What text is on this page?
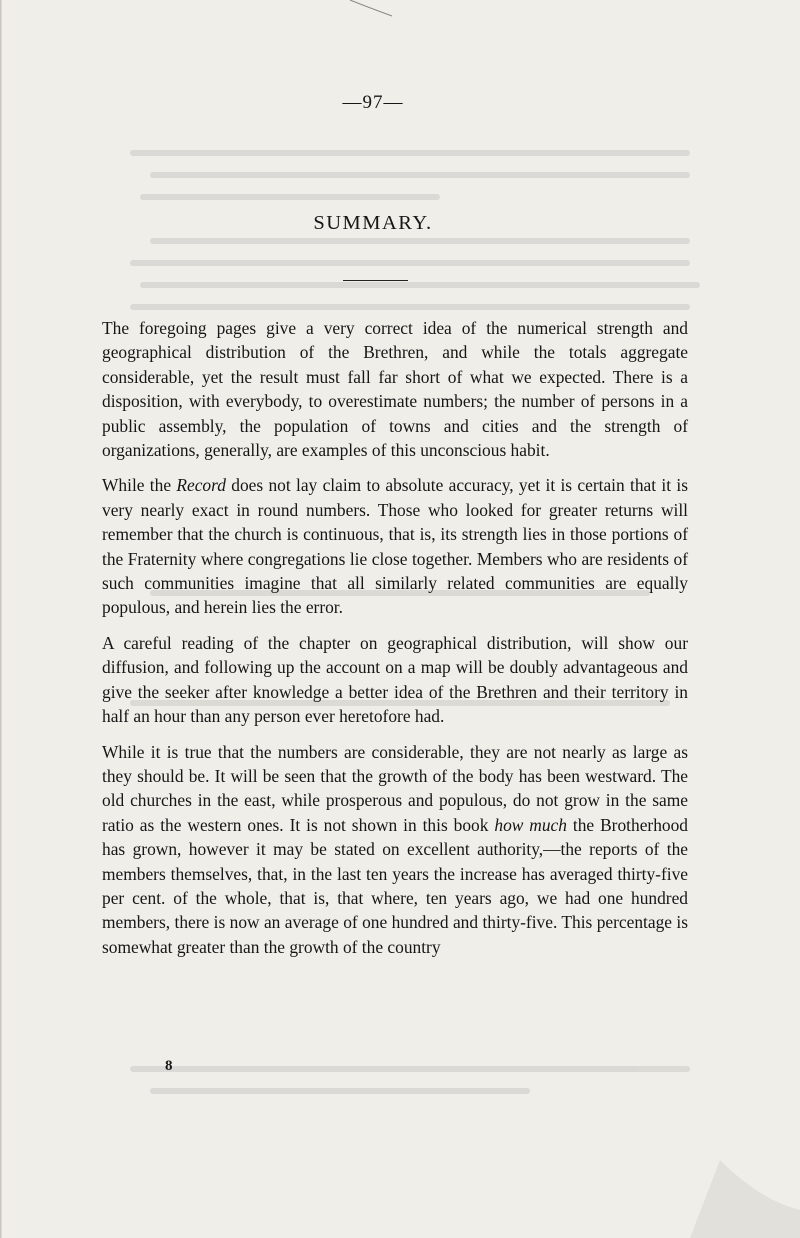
—97—
SUMMARY.

The foregoing pages give a very correct idea of the numerical strength and geographical distribution of the Brethren, and while the totals aggregate considerable, yet the result must fall far short of what we expected. There is a disposition, with everybody, to overestimate numbers; the number of persons in a public assembly, the population of towns and cities and the strength of organizations, generally, are examples of this unconscious habit.

While the Record does not lay claim to absolute accuracy, yet it is certain that it is very nearly exact in round numbers. Those who looked for greater returns will remember that the church is continuous, that is, its strength lies in those portions of the Fraternity where congregations lie close together. Members who are residents of such communities imagine that all similarly related communities are equally populous, and herein lies the error.

A careful reading of the chapter on geographical distribution, will show our diffusion, and following up the account on a map will be doubly advantageous and give the seeker after knowledge a better idea of the Brethren and their territory in half an hour than any person ever heretofore had.

While it is true that the numbers are considerable, they are not nearly as large as they should be. It will be seen that the growth of the body has been westward. The old churches in the east, while prosperous and populous, do not grow in the same ratio as the western ones. It is not shown in this book how much the Brotherhood has grown, however it may be stated on excellent authority,—the reports of the members themselves, that, in the last ten years the increase has averaged thirty-five per cent. of the whole, that is, that where, ten years ago, we had one hundred members, there is now an average of one hundred and thirty-five. This percentage is somewhat greater than the growth of the country

8
